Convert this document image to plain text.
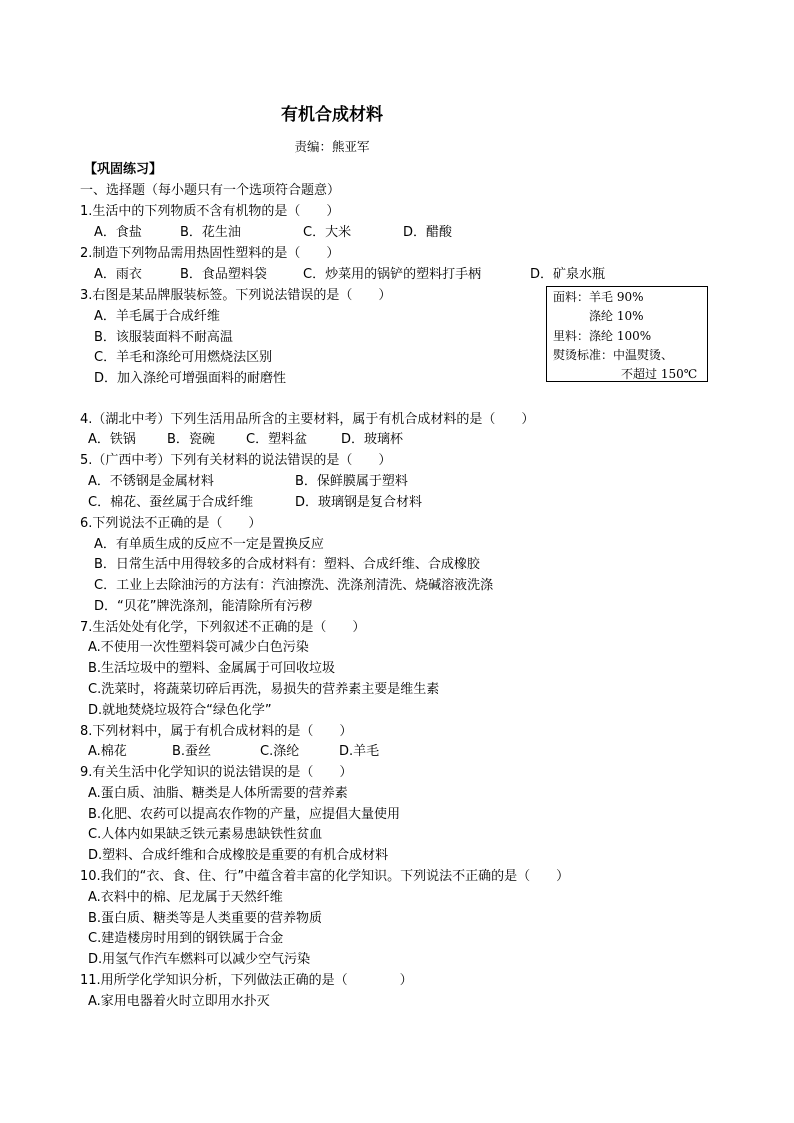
有机合成材料
责编：熊亚军
【巩固练习】
一、选择题（每小题只有一个选项符合题意）
1.生活中的下列物质不含有机物的是（　　）
A．食盐	B．花生油	C．大米	D．醋酸
2.制造下列物品需用热固性塑料的是（　　）
A．雨衣	B．食品塑料袋	C．炒菜用的锅铲的塑料打手柄	D．矿泉水瓶
3.右图是某品牌服装标签。下列说法错误的是（　　）
A．羊毛属于合成纤维
B．该服装面料不耐高温
C．羊毛和涤纶可用燃烧法区别
D．加入涤纶可增强面料的耐磨性
面料：羊毛 90%
涤纶 10%
里料：涤纶 100%
熨烫标准：中温熨烫、
不超过 150℃
4.（湖北中考）下列生活用品所含的主要材料，属于有机合成材料的是（　　）
A．铁锅 B．瓷碗 C．塑料盆	D．玻璃杯
5.（广西中考）下列有关材料的说法错误的是（　　）
A．不锈钢是金属材料	B．保鲜膜属于塑料
C．棉花、蚕丝属于合成纤维	D．玻璃钢是复合材料
6.下列说法不正确的是（　　）
A．有单质生成的反应不一定是置换反应
B．日常生活中用得较多的合成材料有：塑料、合成纤维、合成橡胶
C．工业上去除油污的方法有：汽油擦洗、洗涤剂清洗、烧碱溶液洗涤
D．“贝花”牌洗涤剂，能清除所有污秽
7.生活处处有化学，下列叙述不正确的是（　　）
A.不使用一次性塑料袋可减少白色污染
B.生活垃圾中的塑料、金属属于可回收垃圾
C.洗菜时，将蔬菜切碎后再洗，易损失的营养素主要是维生素
D.就地焚烧垃圾符合“绿色化学”
8.下列材料中，属于有机合成材料的是（　　）
A.棉花	B.蚕丝	C.涤纶	D.羊毛
9.有关生活中化学知识的说法错误的是（　　）
A.蛋白质、油脂、糖类是人体所需要的营养素
B.化肥、农药可以提高农作物的产量，应提倡大量使用
C.人体内如果缺乏铁元素易患缺铁性贫血
D.塑料、合成纤维和合成橡胶是重要的有机合成材料
10.我们的“衣、食、住、行”中蕴含着丰富的化学知识。下列说法不正确的是（　　）
A.衣料中的棉、尼龙属于天然纤维
B.蛋白质、糖类等是人类重要的营养物质
C.建造楼房时用到的钢铁属于合金
D.用氢气作汽车燃料可以减少空气污染
11.用所学化学知识分析，下列做法正确的是（　　　　）
A.家用电器着火时立即用水扑灭
